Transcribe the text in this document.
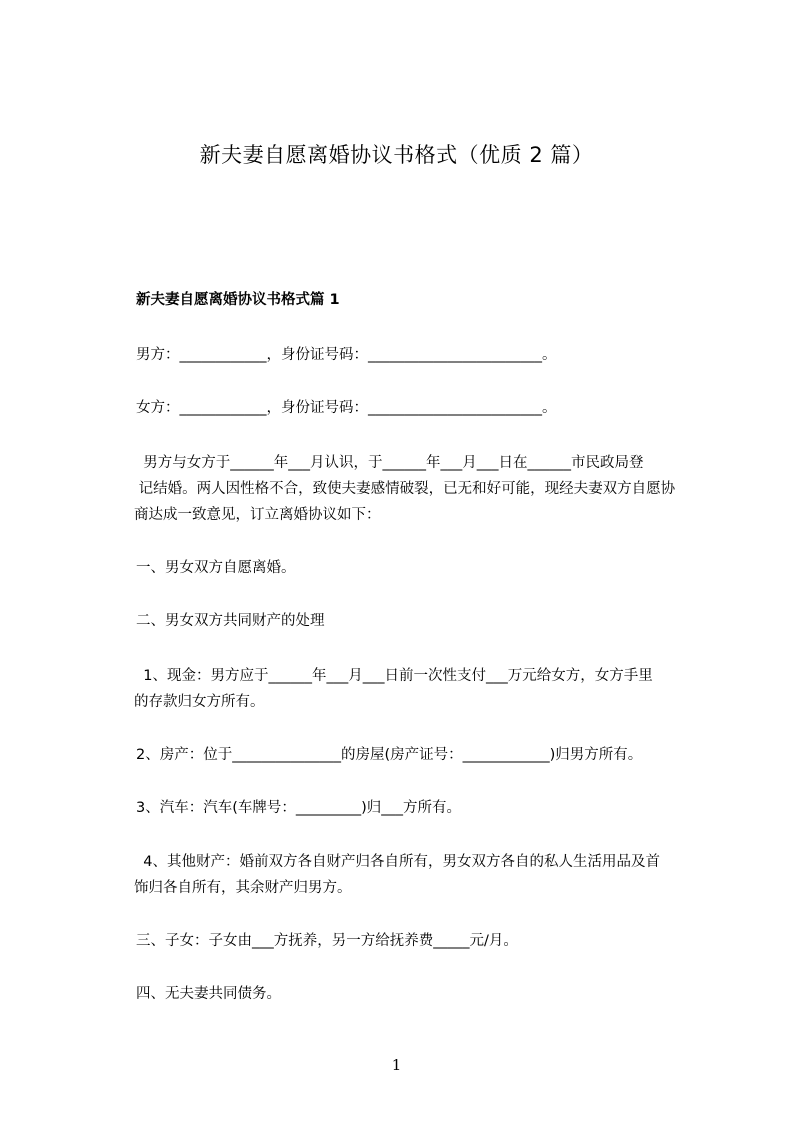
新夫妻自愿离婚协议书格式（优质 2 篇）
新夫妻自愿离婚协议书格式篇 1
男方：____________，身份证号码：________________________。
女方：____________，身份证号码：________________________。
男方与女方于______年___月认识，于______年___月___日在______市民政局登
记结婚。两人因性格不合，致使夫妻感情破裂，已无和好可能，现经夫妻双方自愿协
商达成一致意见，订立离婚协议如下：
一、男女双方自愿离婚。
二、男女双方共同财产的处理
1、现金：男方应于______年___月___日前一次性支付___万元给女方，女方手里
的存款归女方所有。
2、房产：位于_______________的房屋(房产证号：____________)归男方所有。
3、汽车：汽车(车牌号：_________)归___方所有。
4、其他财产：婚前双方各自财产归各自所有，男女双方各自的私人生活用品及首
饰归各自所有，其余财产归男方。
三、子女：子女由___方抚养，另一方给抚养费_____元/月。
四、无夫妻共同债务。
1
